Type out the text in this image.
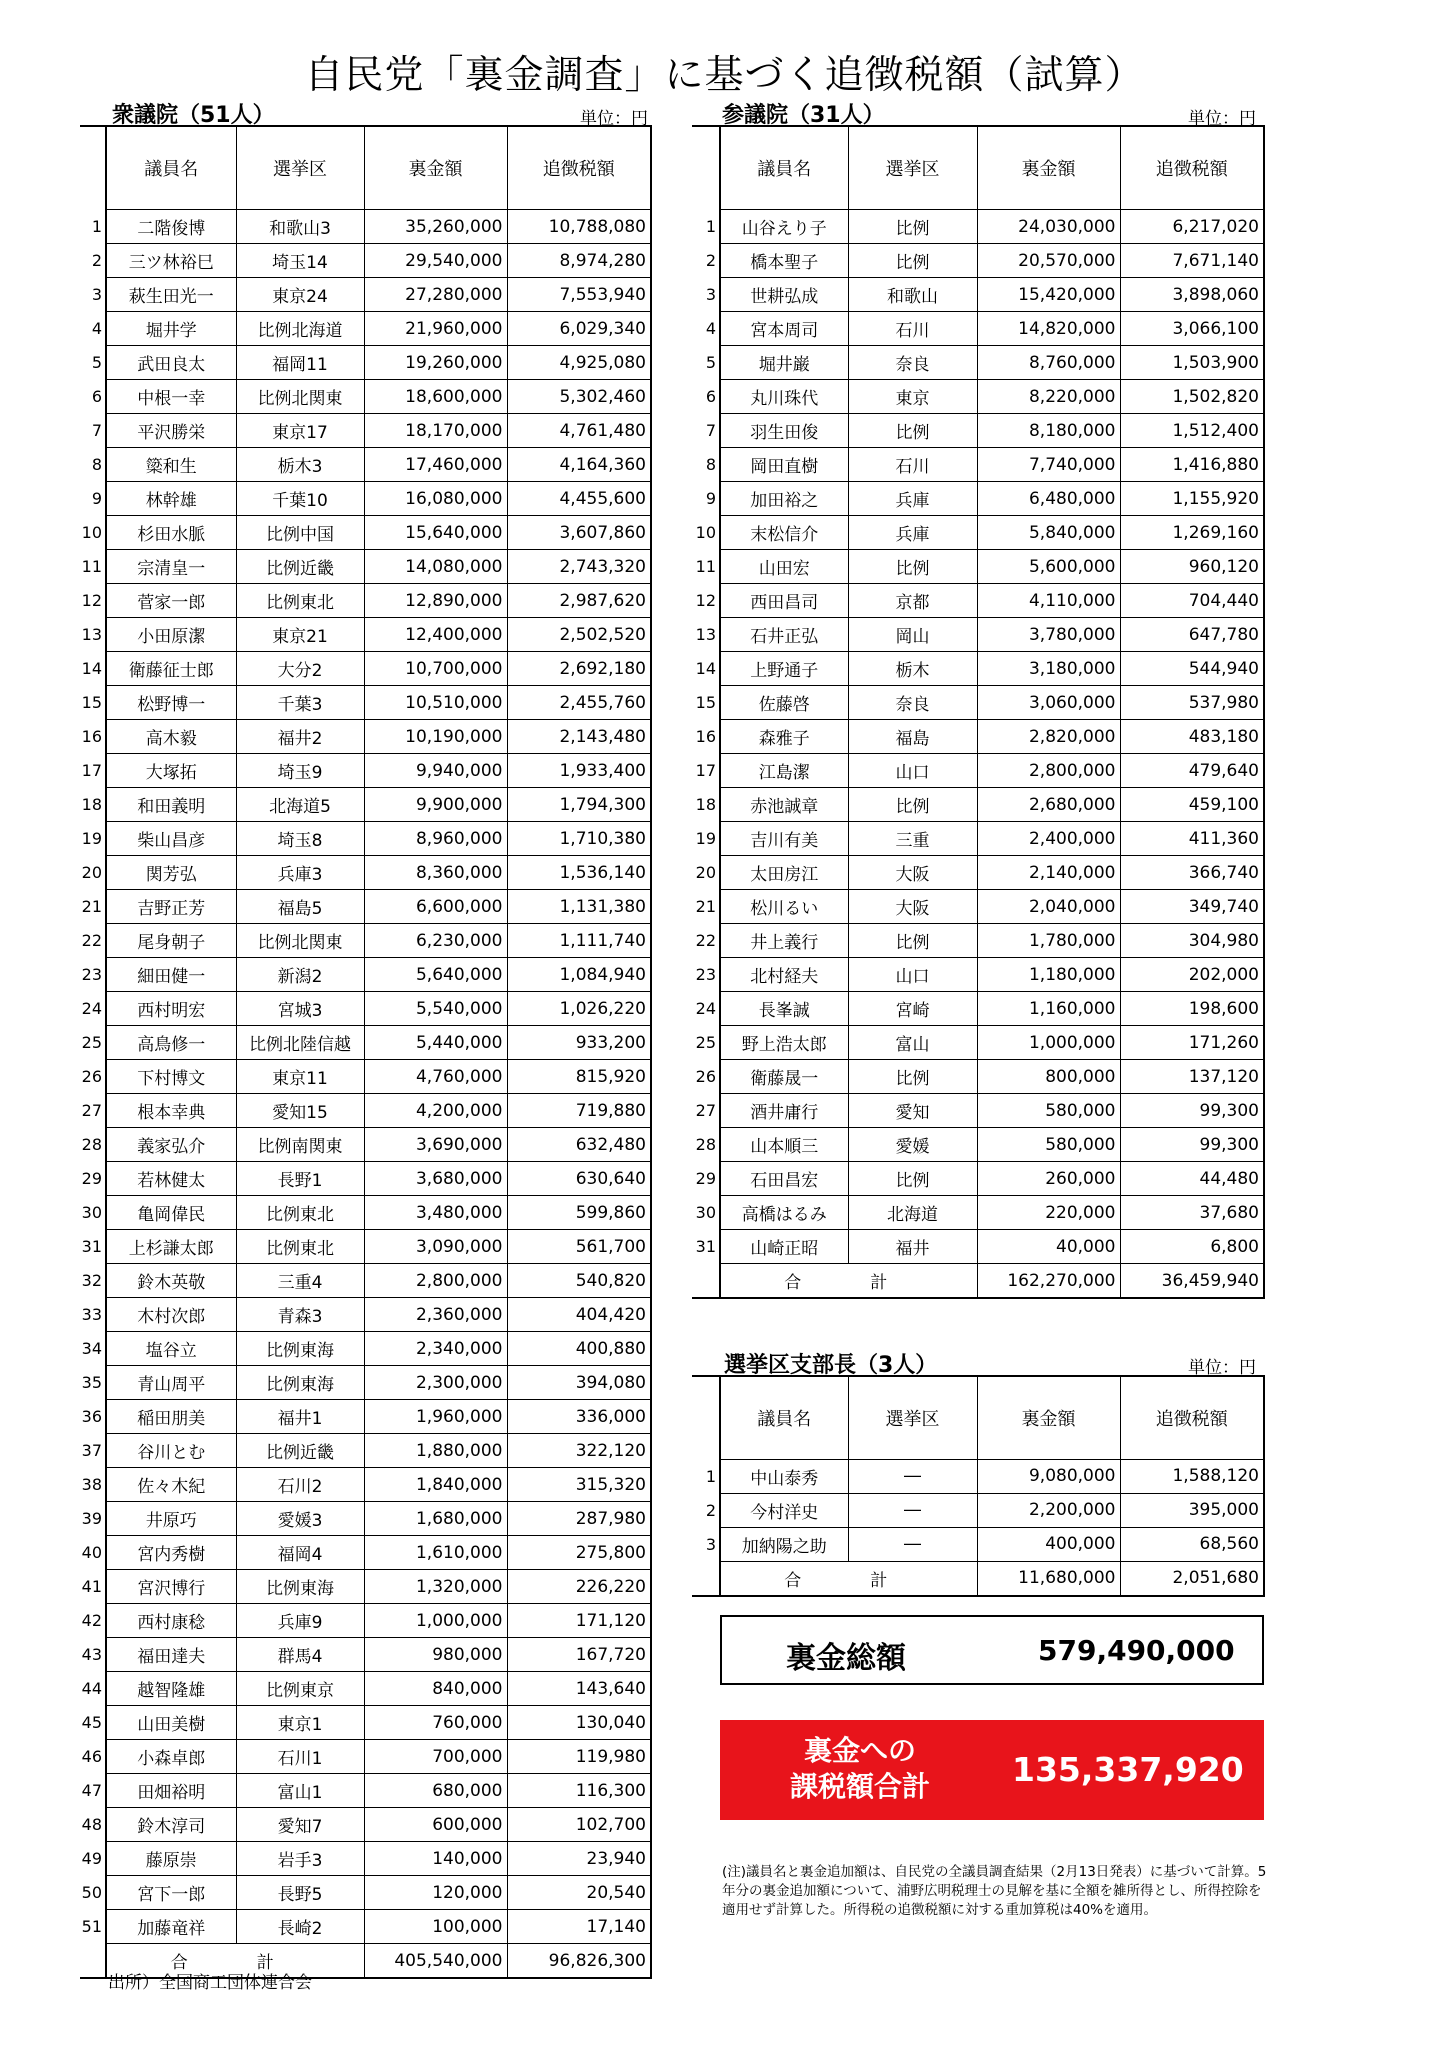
自民党「裏金調査」に基づく追徴税額（試算）
衆議院（51人）	単位：円
	議員名	選挙区	裏金額	追徴税額
1	二階俊博	和歌山3	35,260,000	10,788,080
2	三ツ林裕巳	埼玉14	29,540,000	8,974,280
3	萩生田光一	東京24	27,280,000	7,553,940
4	堀井学	比例北海道	21,960,000	6,029,340
5	武田良太	福岡11	19,260,000	4,925,080
6	中根一幸	比例北関東	18,600,000	5,302,460
7	平沢勝栄	東京17	18,170,000	4,761,480
8	簗和生	栃木3	17,460,000	4,164,360
9	林幹雄	千葉10	16,080,000	4,455,600
10	杉田水脈	比例中国	15,640,000	3,607,860
11	宗清皇一	比例近畿	14,080,000	2,743,320
12	菅家一郎	比例東北	12,890,000	2,987,620
13	小田原潔	東京21	12,400,000	2,502,520
14	衛藤征士郎	大分2	10,700,000	2,692,180
15	松野博一	千葉3	10,510,000	2,455,760
16	高木毅	福井2	10,190,000	2,143,480
17	大塚拓	埼玉9	9,940,000	1,933,400
18	和田義明	北海道5	9,900,000	1,794,300
19	柴山昌彦	埼玉8	8,960,000	1,710,380
20	関芳弘	兵庫3	8,360,000	1,536,140
21	吉野正芳	福島5	6,600,000	1,131,380
22	尾身朝子	比例北関東	6,230,000	1,111,740
23	細田健一	新潟2	5,640,000	1,084,940
24	西村明宏	宮城3	5,540,000	1,026,220
25	高鳥修一	比例北陸信越	5,440,000	933,200
26	下村博文	東京11	4,760,000	815,920
27	根本幸典	愛知15	4,200,000	719,880
28	義家弘介	比例南関東	3,690,000	632,480
29	若林健太	長野1	3,680,000	630,640
30	亀岡偉民	比例東北	3,480,000	599,860
31	上杉謙太郎	比例東北	3,090,000	561,700
32	鈴木英敬	三重4	2,800,000	540,820
33	木村次郎	青森3	2,360,000	404,420
34	塩谷立	比例東海	2,340,000	400,880
35	青山周平	比例東海	2,300,000	394,080
36	稲田朋美	福井1	1,960,000	336,000
37	谷川とむ	比例近畿	1,880,000	322,120
38	佐々木紀	石川2	1,840,000	315,320
39	井原巧	愛媛3	1,680,000	287,980
40	宮内秀樹	福岡4	1,610,000	275,800
41	宮沢博行	比例東海	1,320,000	226,220
42	西村康稔	兵庫9	1,000,000	171,120
43	福田達夫	群馬4	980,000	167,720
44	越智隆雄	比例東京	840,000	143,640
45	山田美樹	東京1	760,000	130,040
46	小森卓郎	石川1	700,000	119,980
47	田畑裕明	富山1	680,000	116,300
48	鈴木淳司	愛知7	600,000	102,700
49	藤原崇	岩手3	140,000	23,940
50	宮下一郎	長野5	120,000	20,540
51	加藤竜祥	長崎2	100,000	17,140
	合　計		405,540,000	96,826,300
参議院（31人）	単位：円
	議員名	選挙区	裏金額	追徴税額
1	山谷えり子	比例	24,030,000	6,217,020
2	橋本聖子	比例	20,570,000	7,671,140
3	世耕弘成	和歌山	15,420,000	3,898,060
4	宮本周司	石川	14,820,000	3,066,100
5	堀井巌	奈良	8,760,000	1,503,900
6	丸川珠代	東京	8,220,000	1,502,820
7	羽生田俊	比例	8,180,000	1,512,400
8	岡田直樹	石川	7,740,000	1,416,880
9	加田裕之	兵庫	6,480,000	1,155,920
10	末松信介	兵庫	5,840,000	1,269,160
11	山田宏	比例	5,600,000	960,120
12	西田昌司	京都	4,110,000	704,440
13	石井正弘	岡山	3,780,000	647,780
14	上野通子	栃木	3,180,000	544,940
15	佐藤啓	奈良	3,060,000	537,980
16	森雅子	福島	2,820,000	483,180
17	江島潔	山口	2,800,000	479,640
18	赤池誠章	比例	2,680,000	459,100
19	吉川有美	三重	2,400,000	411,360
20	太田房江	大阪	2,140,000	366,740
21	松川るい	大阪	2,040,000	349,740
22	井上義行	比例	1,780,000	304,980
23	北村経夫	山口	1,180,000	202,000
24	長峯誠	宮崎	1,160,000	198,600
25	野上浩太郎	富山	1,000,000	171,260
26	衛藤晟一	比例	800,000	137,120
27	酒井庸行	愛知	580,000	99,300
28	山本順三	愛媛	580,000	99,300
29	石田昌宏	比例	260,000	44,480
30	高橋はるみ	北海道	220,000	37,680
31	山崎正昭	福井	40,000	6,800
	合　計		162,270,000	36,459,940
選挙区支部長（3人）	単位：円
	議員名	選挙区	裏金額	追徴税額
1	中山泰秀	―	9,080,000	1,588,120
2	今村洋史	―	2,200,000	395,000
3	加納陽之助	―	400,000	68,560
	合　計		11,680,000	2,051,680
裏金総額	579,490,000
裏金への
課税額合計	135,337,920
(注)議員名と裏金追加額は、自民党の全議員調査結果（2月13日発表）に基づいて計算。5年分の裏金追加額について、浦野広明税理士の見解を基に全額を雑所得とし、所得控除を適用せず計算した。所得税の追徴税額に対する重加算税は40%を適用。
出所）全国商工団体連合会
